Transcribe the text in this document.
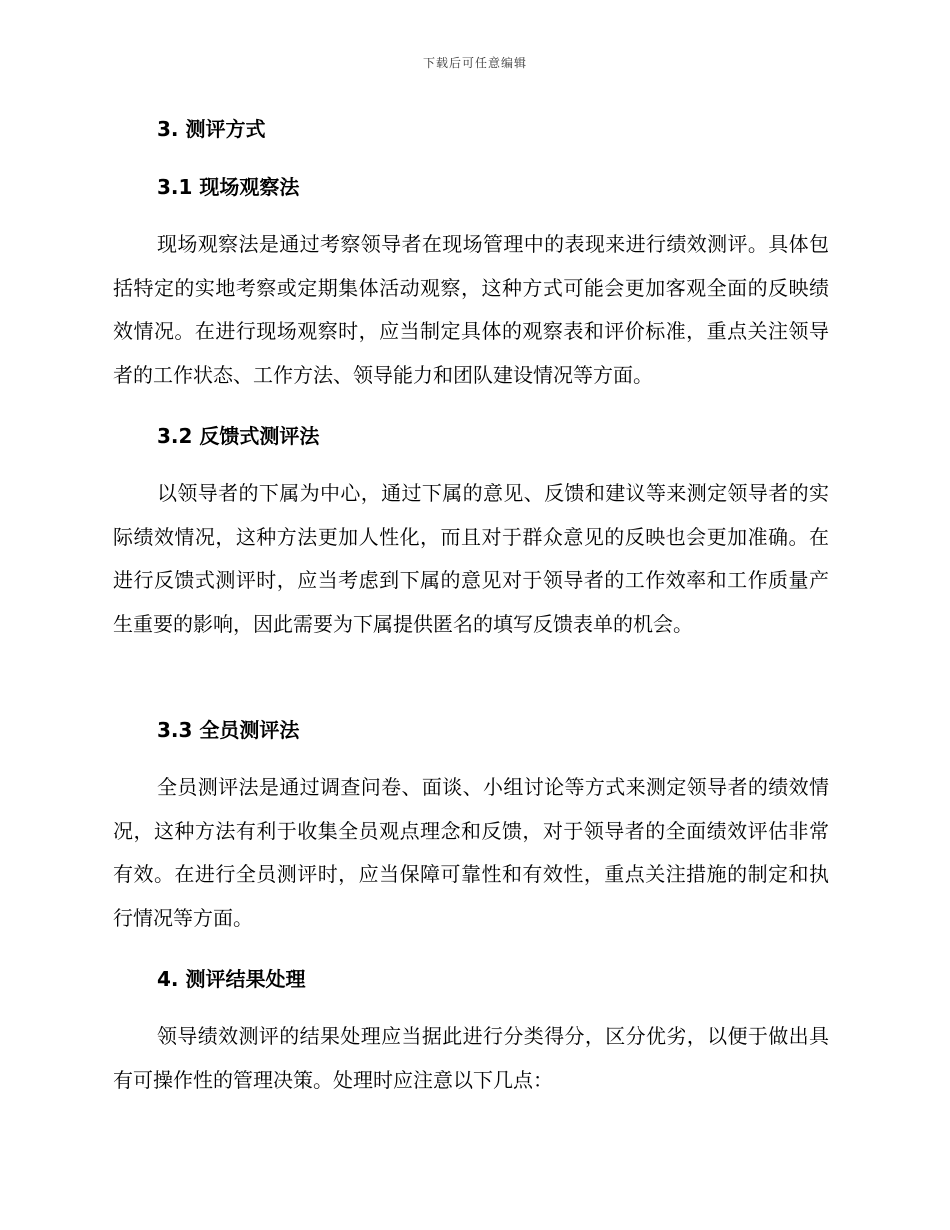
下载后可任意编辑
3. 测评方式
3.1 现场观察法
现场观察法是通过考察领导者在现场管理中的表现来进行绩效测评。具体包括特定的实地考察或定期集体活动观察，这种方式可能会更加客观全面的反映绩效情况。在进行现场观察时，应当制定具体的观察表和评价标准，重点关注领导者的工作状态、工作方法、领导能力和团队建设情况等方面。
3.2 反馈式测评法
以领导者的下属为中心，通过下属的意见、反馈和建议等来测定领导者的实际绩效情况，这种方法更加人性化，而且对于群众意见的反映也会更加准确。在进行反馈式测评时，应当考虑到下属的意见对于领导者的工作效率和工作质量产生重要的影响，因此需要为下属提供匿名的填写反馈表单的机会。
3.3 全员测评法
全员测评法是通过调查问卷、面谈、小组讨论等方式来测定领导者的绩效情况，这种方法有利于收集全员观点理念和反馈，对于领导者的全面绩效评估非常有效。在进行全员测评时，应当保障可靠性和有效性，重点关注措施的制定和执行情况等方面。
4. 测评结果处理
领导绩效测评的结果处理应当据此进行分类得分，区分优劣，以便于做出具有可操作性的管理决策。处理时应注意以下几点：
